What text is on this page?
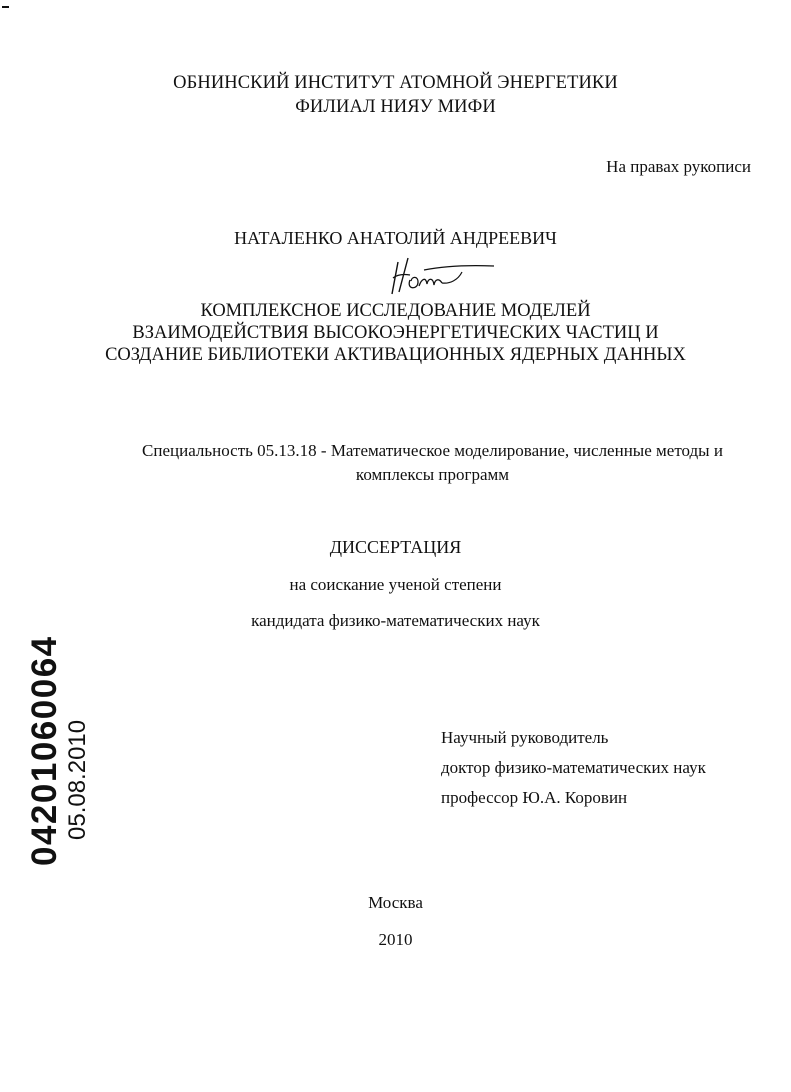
ОБНИНСКИЙ ИНСТИТУТ АТОМНОЙ ЭНЕРГЕТИКИ
ФИЛИАЛ НИЯУ МИФИ
На правах рукописи
НАТАЛЕНКО АНАТОЛИЙ АНДРЕЕВИЧ
КОМПЛЕКСНОЕ ИССЛЕДОВАНИЕ МОДЕЛЕЙ
ВЗАИМОДЕЙСТВИЯ ВЫСОКОЭНЕРГЕТИЧЕСКИХ ЧАСТИЦ И
СОЗДАНИЕ БИБЛИОТЕКИ АКТИВАЦИОННЫХ ЯДЕРНЫХ ДАННЫХ
Специальность 05.13.18 - Математическое моделирование, численные методы и
комплексы программ
ДИССЕРТАЦИЯ
на соискание ученой степени
кандидата физико-математических наук
Научный руководитель
доктор физико-математических наук
профессор Ю.А. Коровин
Москва
2010
04201060064 05.08.2010
